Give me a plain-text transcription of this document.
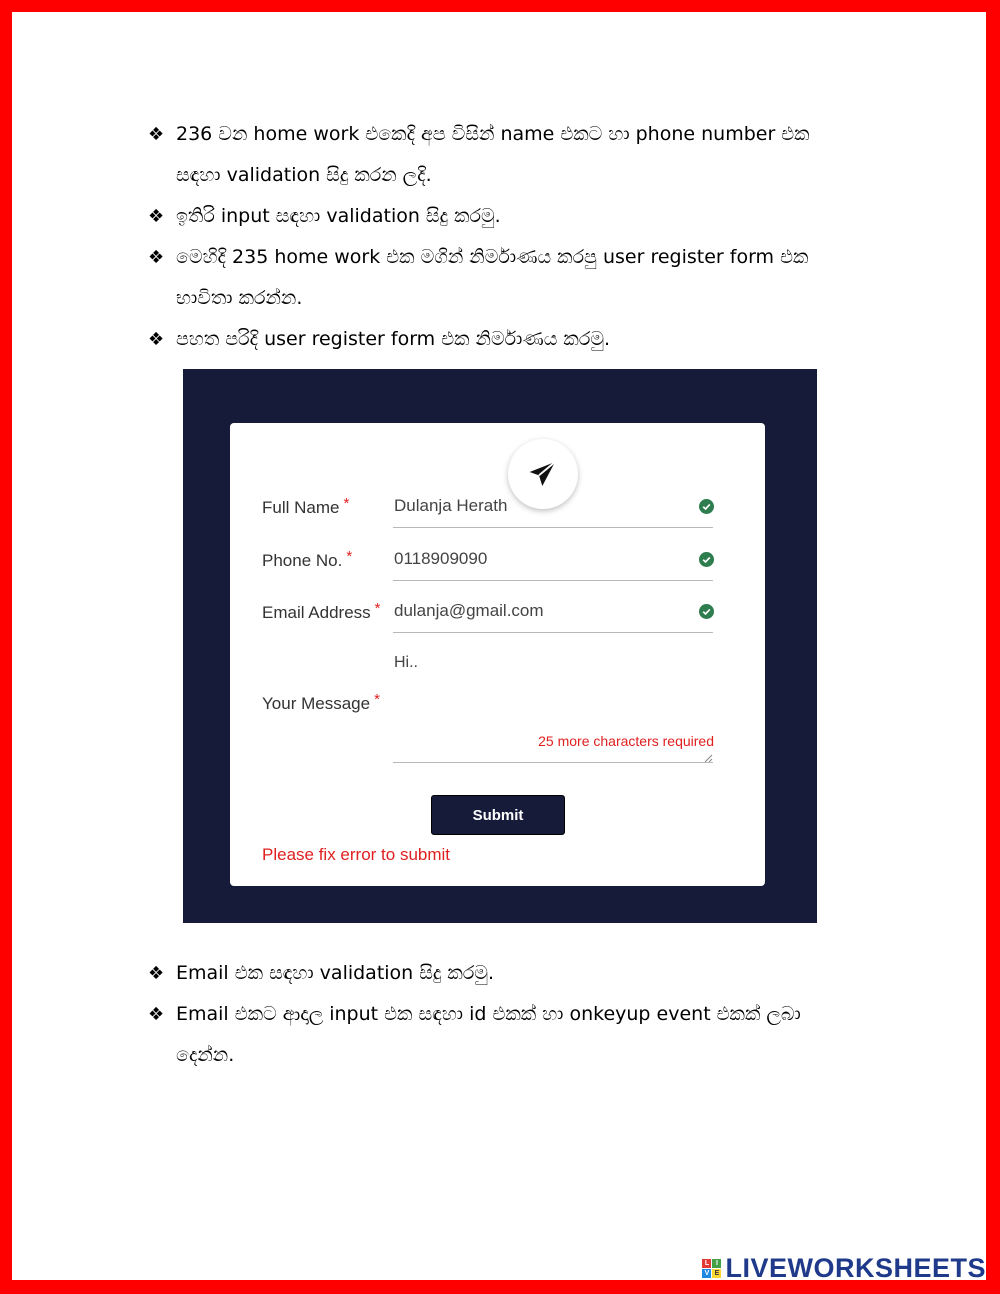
❖ 236 වන home work එකෙදි අප විසින් name එකට හා phone number එක
සඳහා validation සිදු කරන ලදි.
❖ ඉතිරි input සඳහා validation සිදු කරමු.
❖ මෙහිදි 235 home work එක මගින් නිර්මාණය කරපු user register form එක
භාවිතා කරන්න.
❖ පහත පරිදි user register form එක නිර්මාණය කරමු.
Full Name *	Dulanja Herath
Phone No. * 0118909090
Email Address * dulanja@gmail.com
Hi..
Your Message *
25 more characters required
Submit
Please fix error to submit
❖ Email එක සඳහා validation සිදු කරමු.
❖ Email එකට ආදාල input එක සඳහා id එකක් හා onkeyup event එකක් ලබා
දෙන්න.
L I
V E LIVEWORKSHEETS
